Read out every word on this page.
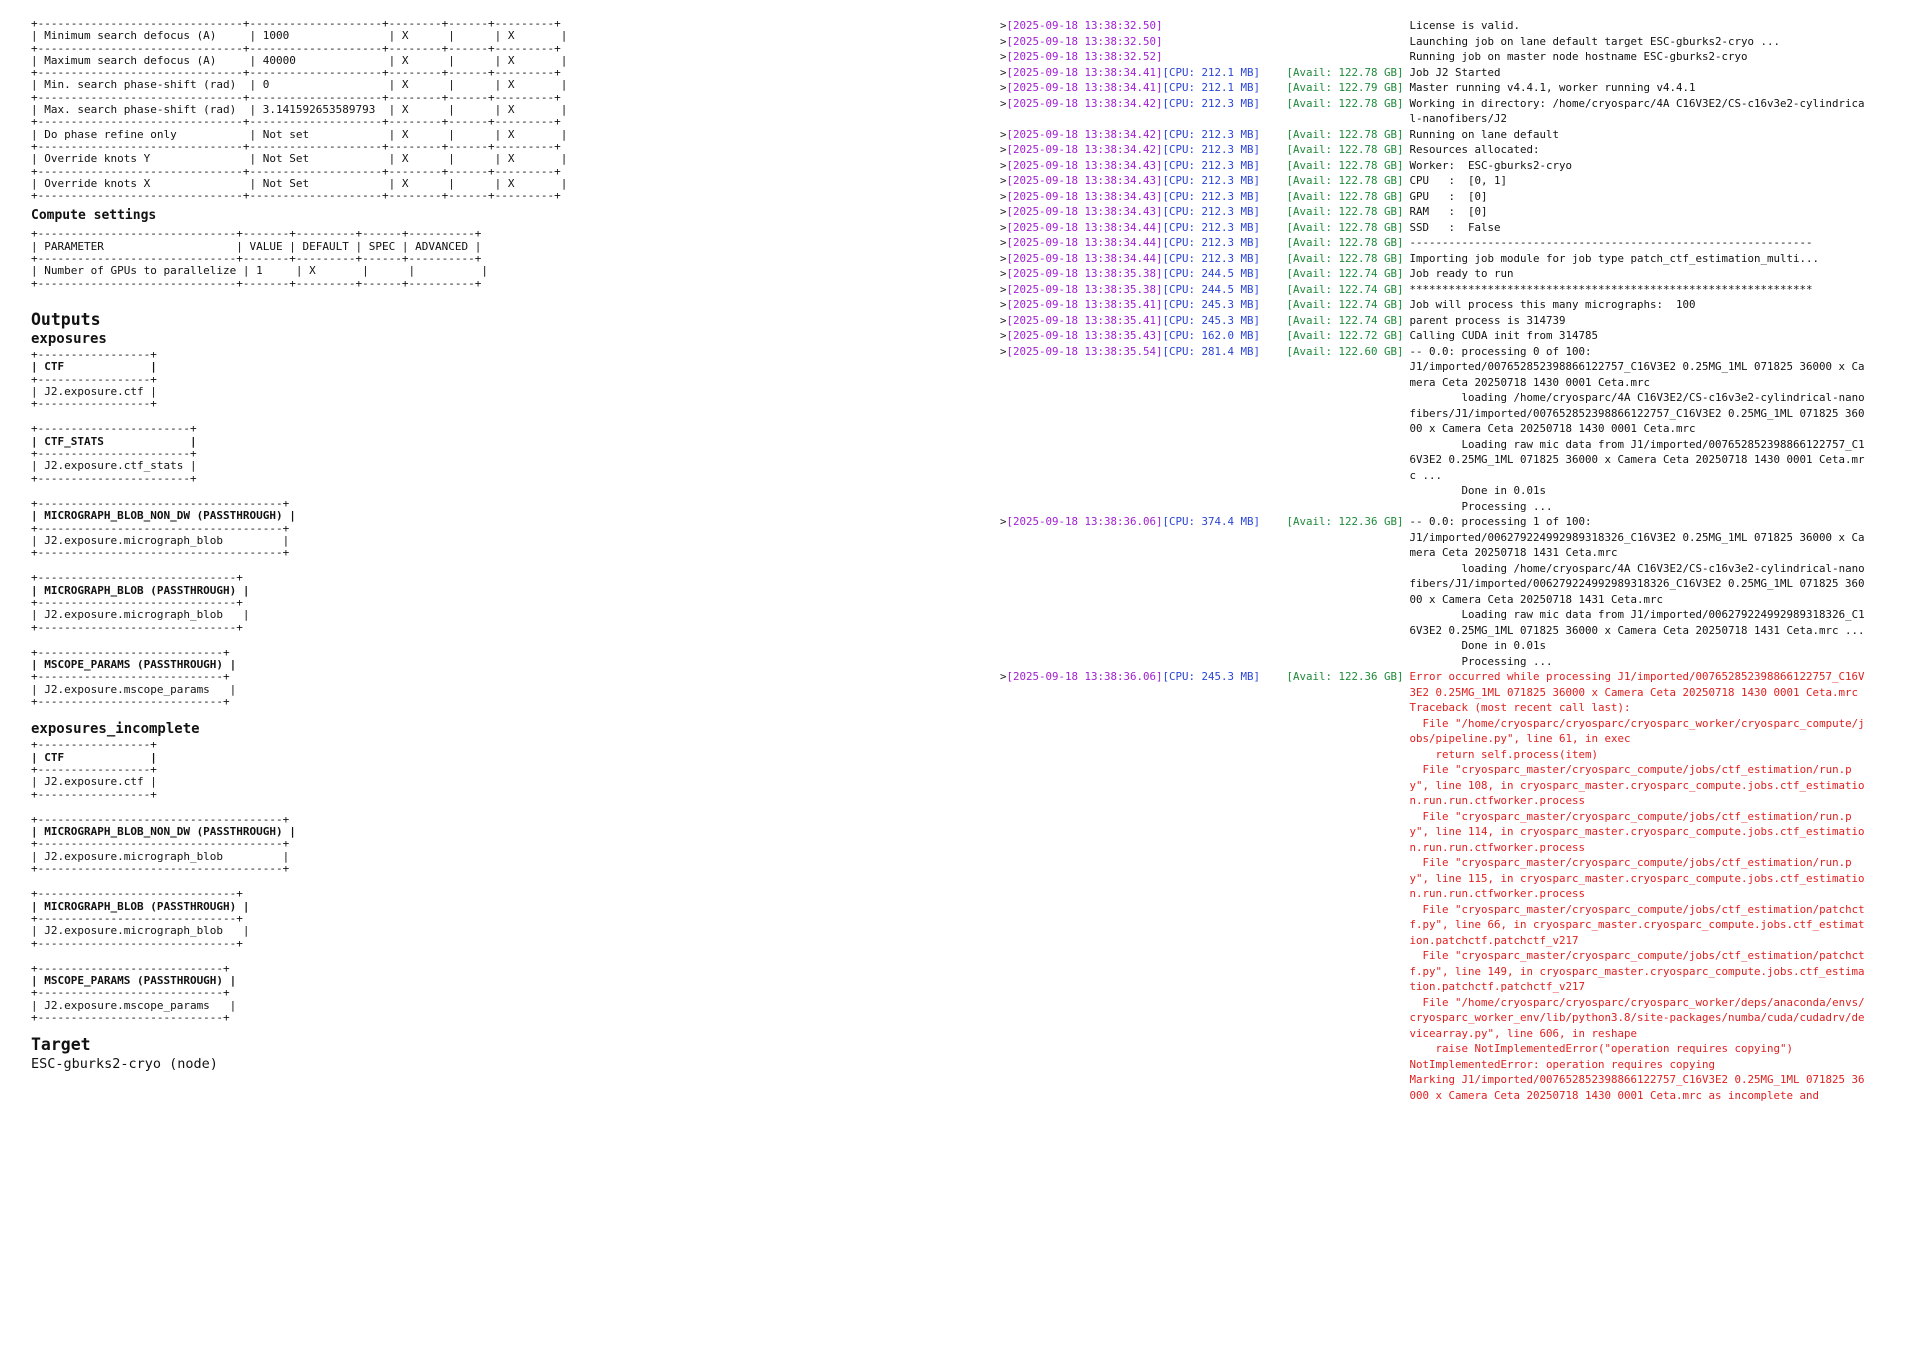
+-------------------------------+--------------------+--------+------+---------+
| Minimum search defocus (A)     | 1000               | X      |      | X       |
+-------------------------------+--------------------+--------+------+---------+
| Maximum search defocus (A)     | 40000              | X      |      | X       |
+-------------------------------+--------------------+--------+------+---------+
| Min. search phase-shift (rad)  | 0                  | X      |      | X       |
+-------------------------------+--------------------+--------+------+---------+
| Max. search phase-shift (rad)  | 3.141592653589793  | X      |      | X       |
+-------------------------------+--------------------+--------+------+---------+
| Do phase refine only           | Not set            | X      |      | X       |
+-------------------------------+--------------------+--------+------+---------+
| Override knots Y               | Not Set            | X      |      | X       |
+-------------------------------+--------------------+--------+------+---------+
| Override knots X               | Not Set            | X      |      | X       |
+-------------------------------+--------------------+--------+------+---------+
Compute settings
+------------------------------+-------+---------+------+----------+
| PARAMETER                    | VALUE | DEFAULT | SPEC | ADVANCED |
+------------------------------+-------+---------+------+----------+
| Number of GPUs to parallelize | 1     | X       |      |          |
+------------------------------+-------+---------+------+----------+
Outputs
exposures
+-----------------+
| CTF             |
+-----------------+
| J2.exposure.ctf |
+-----------------+
+-----------------------+
| CTF_STATS             |
+-----------------------+
| J2.exposure.ctf_stats |
+-----------------------+
+-------------------------------------+
| MICROGRAPH_BLOB_NON_DW (PASSTHROUGH) |
+-------------------------------------+
| J2.exposure.micrograph_blob         |
+-------------------------------------+
+------------------------------+
| MICROGRAPH_BLOB (PASSTHROUGH) |
+------------------------------+
| J2.exposure.micrograph_blob   |
+------------------------------+
+----------------------------+
| MSCOPE_PARAMS (PASSTHROUGH) |
+----------------------------+
| J2.exposure.mscope_params   |
+----------------------------+
exposures_incomplete
+-----------------+
| CTF             |
+-----------------+
| J2.exposure.ctf |
+-----------------+
+-------------------------------------+
| MICROGRAPH_BLOB_NON_DW (PASSTHROUGH) |
+-------------------------------------+
| J2.exposure.micrograph_blob         |
+-------------------------------------+
+------------------------------+
| MICROGRAPH_BLOB (PASSTHROUGH) |
+------------------------------+
| J2.exposure.micrograph_blob   |
+------------------------------+
+----------------------------+
| MSCOPE_PARAMS (PASSTHROUGH) |
+----------------------------+
| J2.exposure.mscope_params   |
+----------------------------+
Target
ESC-gburks2-cryo (node)
> [2025-09-18 13:38:32.50]	License is valid.
> [2025-09-18 13:38:32.50]	Launching job on lane default target ESC-gburks2-cryo ...
> [2025-09-18 13:38:32.52]	Running job on master node hostname ESC-gburks2-cryo
> [2025-09-18 13:38:34.41] [CPU: 212.1 MB]	[Avail: 122.78 GB] Job J2 Started
> [2025-09-18 13:38:34.41] [CPU: 212.1 MB]	[Avail: 122.79 GB] Master running v4.4.1, worker running v4.4.1
> [2025-09-18 13:38:34.42] [CPU: 212.3 MB]	[Avail: 122.78 GB] Working in directory: /home/cryosparc/4A C16V3E2/CS-c16v3e2-cylindrical-nanofibers/J2
> [2025-09-18 13:38:34.42] [CPU: 212.3 MB]	[Avail: 122.78 GB] Running on lane default
> [2025-09-18 13:38:34.42] [CPU: 212.3 MB]	[Avail: 122.78 GB] Resources allocated:
> [2025-09-18 13:38:34.43] [CPU: 212.3 MB]	[Avail: 122.78 GB] Worker:  ESC-gburks2-cryo
> [2025-09-18 13:38:34.43] [CPU: 212.3 MB]	[Avail: 122.78 GB] CPU   :  [0, 1]
> [2025-09-18 13:38:34.43] [CPU: 212.3 MB]	[Avail: 122.78 GB] GPU   :  [0]
> [2025-09-18 13:38:34.43] [CPU: 212.3 MB]	[Avail: 122.78 GB] RAM   :  [0]
> [2025-09-18 13:38:34.44] [CPU: 212.3 MB]	[Avail: 122.78 GB] SSD   :  False
> [2025-09-18 13:38:34.44] [CPU: 212.3 MB]	[Avail: 122.78 GB] --------------------------------------------------------------
> [2025-09-18 13:38:34.44] [CPU: 212.3 MB]	[Avail: 122.78 GB] Importing job module for job type patch_ctf_estimation_multi...
> [2025-09-18 13:38:35.38] [CPU: 244.5 MB]	[Avail: 122.74 GB] Job ready to run
> [2025-09-18 13:38:35.38] [CPU: 244.5 MB]	[Avail: 122.74 GB] **************************************************************
> [2025-09-18 13:38:35.41] [CPU: 245.3 MB]	[Avail: 122.74 GB] Job will process this many micrographs:  100
> [2025-09-18 13:38:35.41] [CPU: 245.3 MB]	[Avail: 122.74 GB] parent process is 314739
> [2025-09-18 13:38:35.43] [CPU: 162.0 MB]	[Avail: 122.72 GB] Calling CUDA init from 314785
> [2025-09-18 13:38:35.54] [CPU: 281.4 MB]	[Avail: 122.60 GB] -- 0.0: processing 0 of 100:
J1/imported/007652852398866122757_C16V3E2 0.25MG_1ML 071825 36000 x Camera Ceta 20250718 1430 0001 Ceta.mrc
loading /home/cryosparc/4A C16V3E2/CS-c16v3e2-cylindrical-nanofibers/J1/imported/007652852398866122757_C16V3E2 0.25MG_1ML 071825 36000 x Camera Ceta 20250718 1430 0001 Ceta.mrc
Loading raw mic data from J1/imported/007652852398866122757_C16V3E2 0.25MG_1ML 071825 36000 x Camera Ceta 20250718 1430 0001 Ceta.mrc ...
Done in 0.01s
Processing ...
> [2025-09-18 13:38:36.06] [CPU: 374.4 MB]	[Avail: 122.36 GB] -- 0.0: processing 1 of 100:
J1/imported/006279224992989318326_C16V3E2 0.25MG_1ML 071825 36000 x Camera Ceta 20250718 1431 Ceta.mrc
loading /home/cryosparc/4A C16V3E2/CS-c16v3e2-cylindrical-nanofibers/J1/imported/006279224992989318326_C16V3E2 0.25MG_1ML 071825 36000 x Camera Ceta 20250718 1431 Ceta.mrc
Loading raw mic data from J1/imported/006279224992989318326_C16V3E2 0.25MG_1ML 071825 36000 x Camera Ceta 20250718 1431 Ceta.mrc ...
Done in 0.01s
Processing ...
> [2025-09-18 13:38:36.06] [CPU: 245.3 MB]	[Avail: 122.36 GB] Error occurred while processing J1/imported/007652852398866122757_C16V3E2 0.25MG_1ML 071825 36000 x Camera Ceta 20250718 1430 0001 Ceta.mrc
Traceback (most recent call last):
File "/home/cryosparc/cryosparc/cryosparc_worker/cryosparc_compute/jobs/pipeline.py", line 61, in exec
return self.process(item)
File "cryosparc_master/cryosparc_compute/jobs/ctf_estimation/run.py", line 108, in cryosparc_master.cryosparc_compute.jobs.ctf_estimation.run.run.ctfworker.process
File "cryosparc_master/cryosparc_compute/jobs/ctf_estimation/run.py", line 114, in cryosparc_master.cryosparc_compute.jobs.ctf_estimation.run.run.ctfworker.process
File "cryosparc_master/cryosparc_compute/jobs/ctf_estimation/run.py", line 115, in cryosparc_master.cryosparc_compute.jobs.ctf_estimation.run.run.ctfworker.process
File "cryosparc_master/cryosparc_compute/jobs/ctf_estimation/patchctf.py", line 66, in cryosparc_master.cryosparc_compute.jobs.ctf_estimation.patchctf.patchctf_v217
File "cryosparc_master/cryosparc_compute/jobs/ctf_estimation/patchctf.py", line 149, in cryosparc_master.cryosparc_compute.jobs.ctf_estimation.patchctf.patchctf_v217
File "/home/cryosparc/cryosparc/cryosparc_worker/deps/anaconda/envs/cryosparc_worker_env/lib/python3.8/site-packages/numba/cuda/cudadrv/devicearray.py", line 606, in reshape
raise NotImplementedError("operation requires copying")
NotImplementedError: operation requires copying
Marking J1/imported/007652852398866122757_C16V3E2 0.25MG_1ML 071825 36000 x Camera Ceta 20250718 1430 0001 Ceta.mrc as incomplete and
